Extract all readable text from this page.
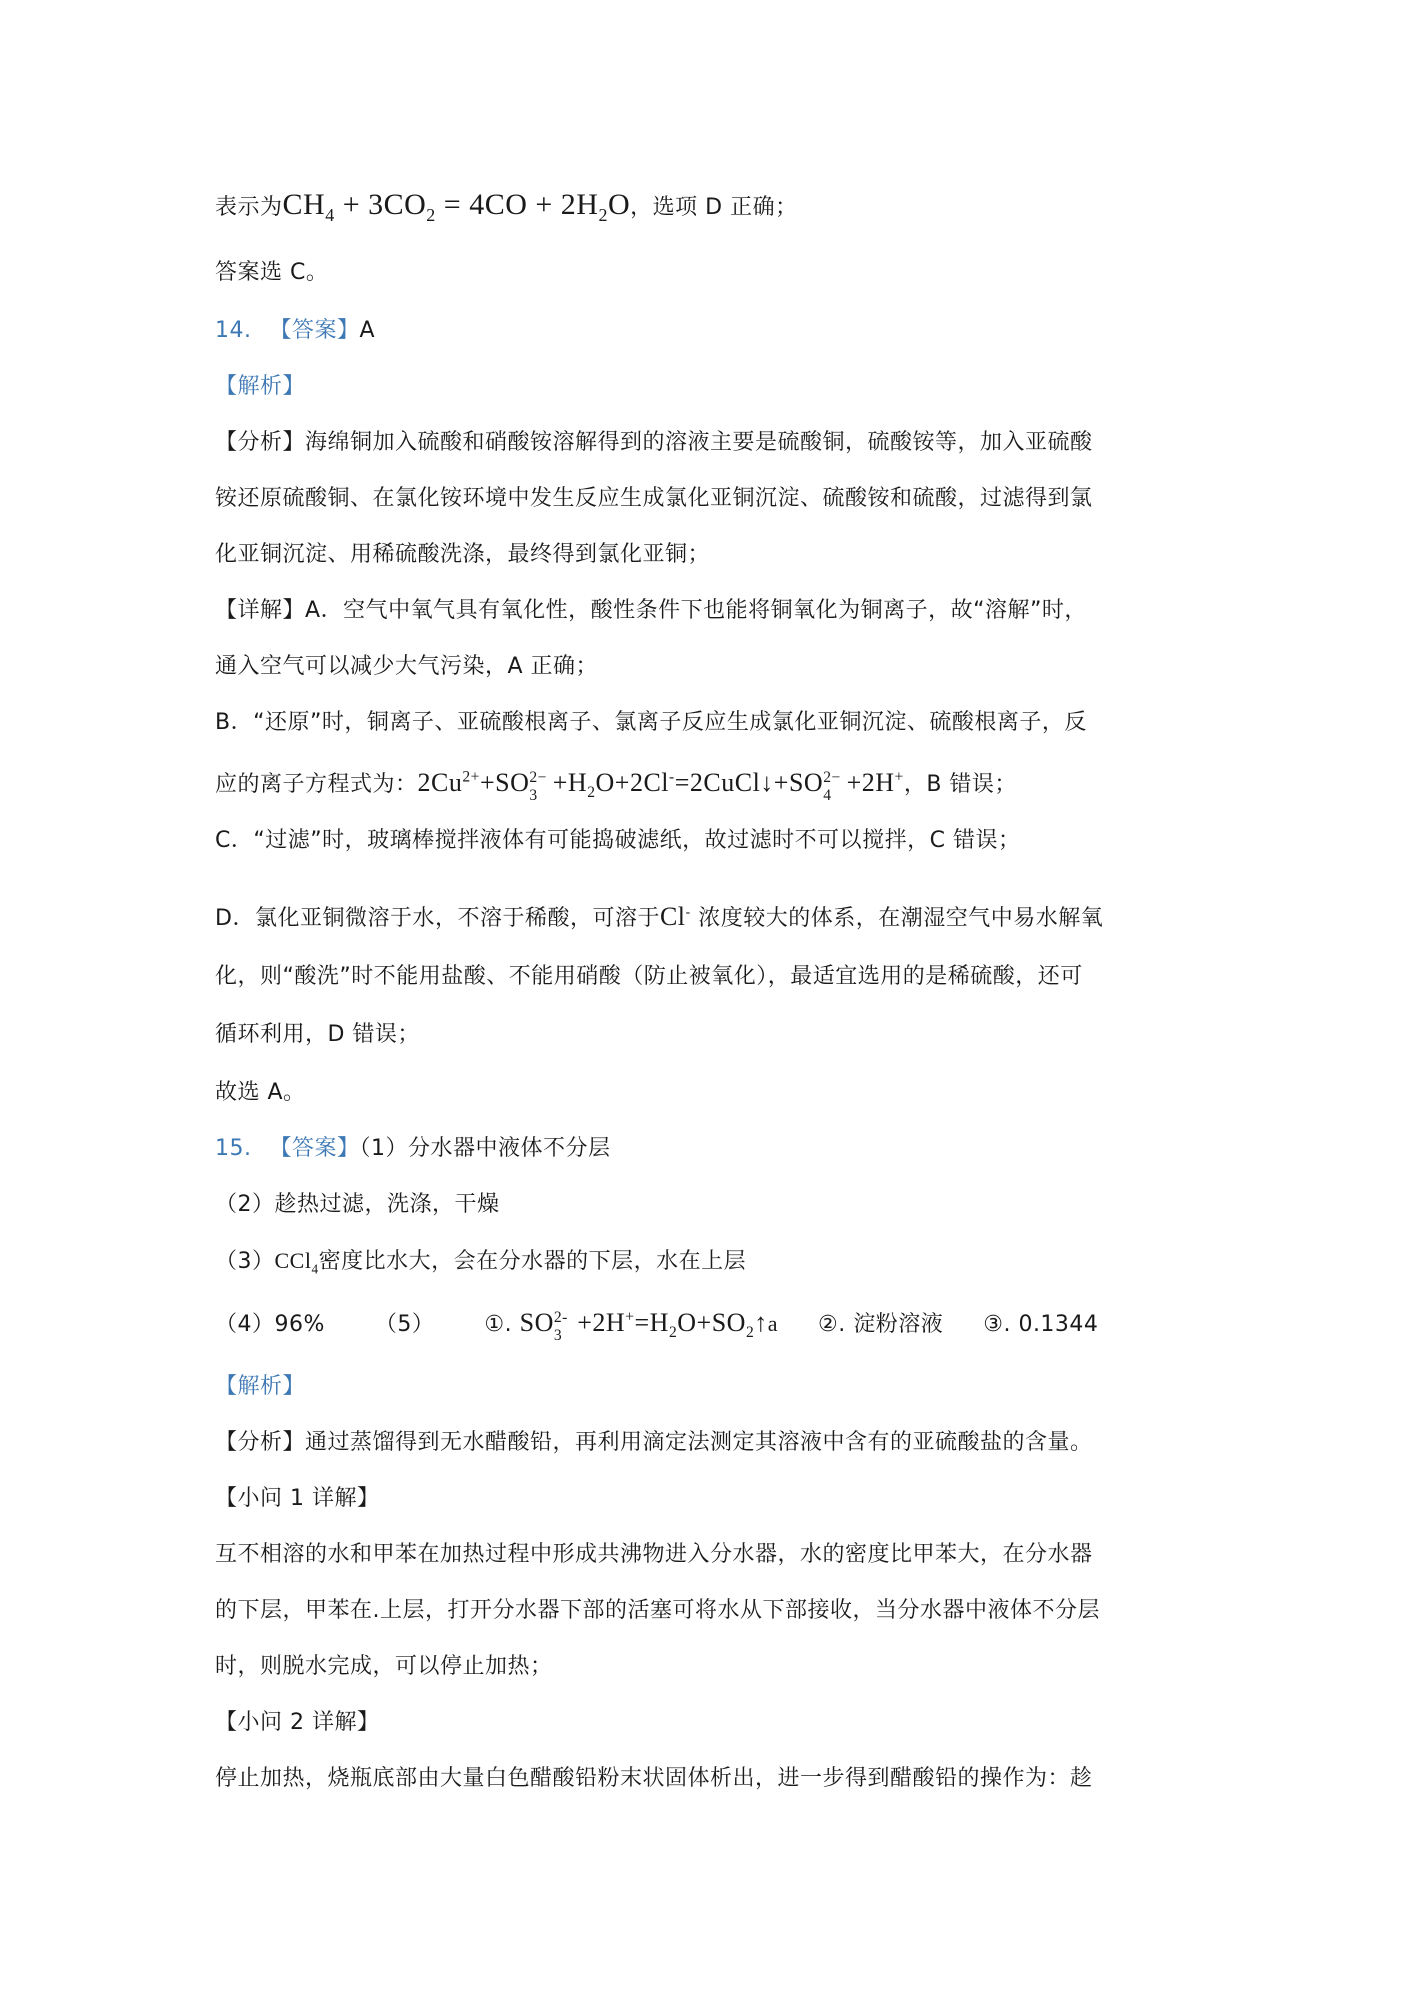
表示为$CH_4 + 3CO_2 = 4CO + 2H_2O$，选项 D 正确；
答案选 C。
14. 【答案】A
【解析】
【分析】海绵铜加入硫酸和硝酸铵溶解得到的溶液主要是硫酸铜，硫酸铵等，加入亚硫酸
铵还原硫酸铜、在氯化铵环境中发生反应生成氯化亚铜沉淀、硫酸铵和硫酸，过滤得到氯
化亚铜沉淀、用稀硫酸洗涤，最终得到氯化亚铜；
【详解】A．空气中氧气具有氧化性，酸性条件下也能将铜氧化为铜离子，故“溶解”时，
通入空气可以减少大气污染，A 正确；
B．“还原”时，铜离子、亚硫酸根离子、氯离子反应生成氯化亚铜沉淀、硫酸根离子，反
应的离子方程式为：$2Cu^{2+}+SO$ 2−
$3 +H_2O+2Cl^-=2CuCl↓+SO$ 2−
4 +2H+，B 错误；
C．“过滤”时，玻璃棒搅拌液体有可能捣破滤纸，故过滤时不可以搅拌，C 错误；
D．氯化亚铜微溶于水，不溶于稀酸，可溶于Cl- 浓度较大的体系，在潮湿空气中易水解氧
化，则“酸洗”时不能用盐酸、不能用硝酸（防止被氧化），最适宜选用的是稀硫酸，还可
循环利用，D 错误；
故选 A。
15. 【答案】（1）分水器中液体不分层
（2）趁热过滤，洗涤，干燥
（3）CCl$_4$密度比水大，会在分水器的下层，水在上层
（4）96% （5） ①. SO 2-
$3 +2H^+=H_2O+SO_2↑a$ ②. 淀粉溶液 ③. 0.1344
【解析】
【分析】通过蒸馏得到无水醋酸铅，再利用滴定法测定其溶液中含有的亚硫酸盐的含量。
【小问 1 详解】
互不相溶的水和甲苯在加热过程中形成共沸物进入分水器，水的密度比甲苯大，在分水器
的下层，甲苯在.上层，打开分水器下部的活塞可将水从下部接收，当分水器中液体不分层
时，则脱水完成，可以停止加热；
【小问 2 详解】
停止加热，烧瓶底部由大量白色醋酸铅粉末状固体析出，进一步得到醋酸铅的操作为：趁
